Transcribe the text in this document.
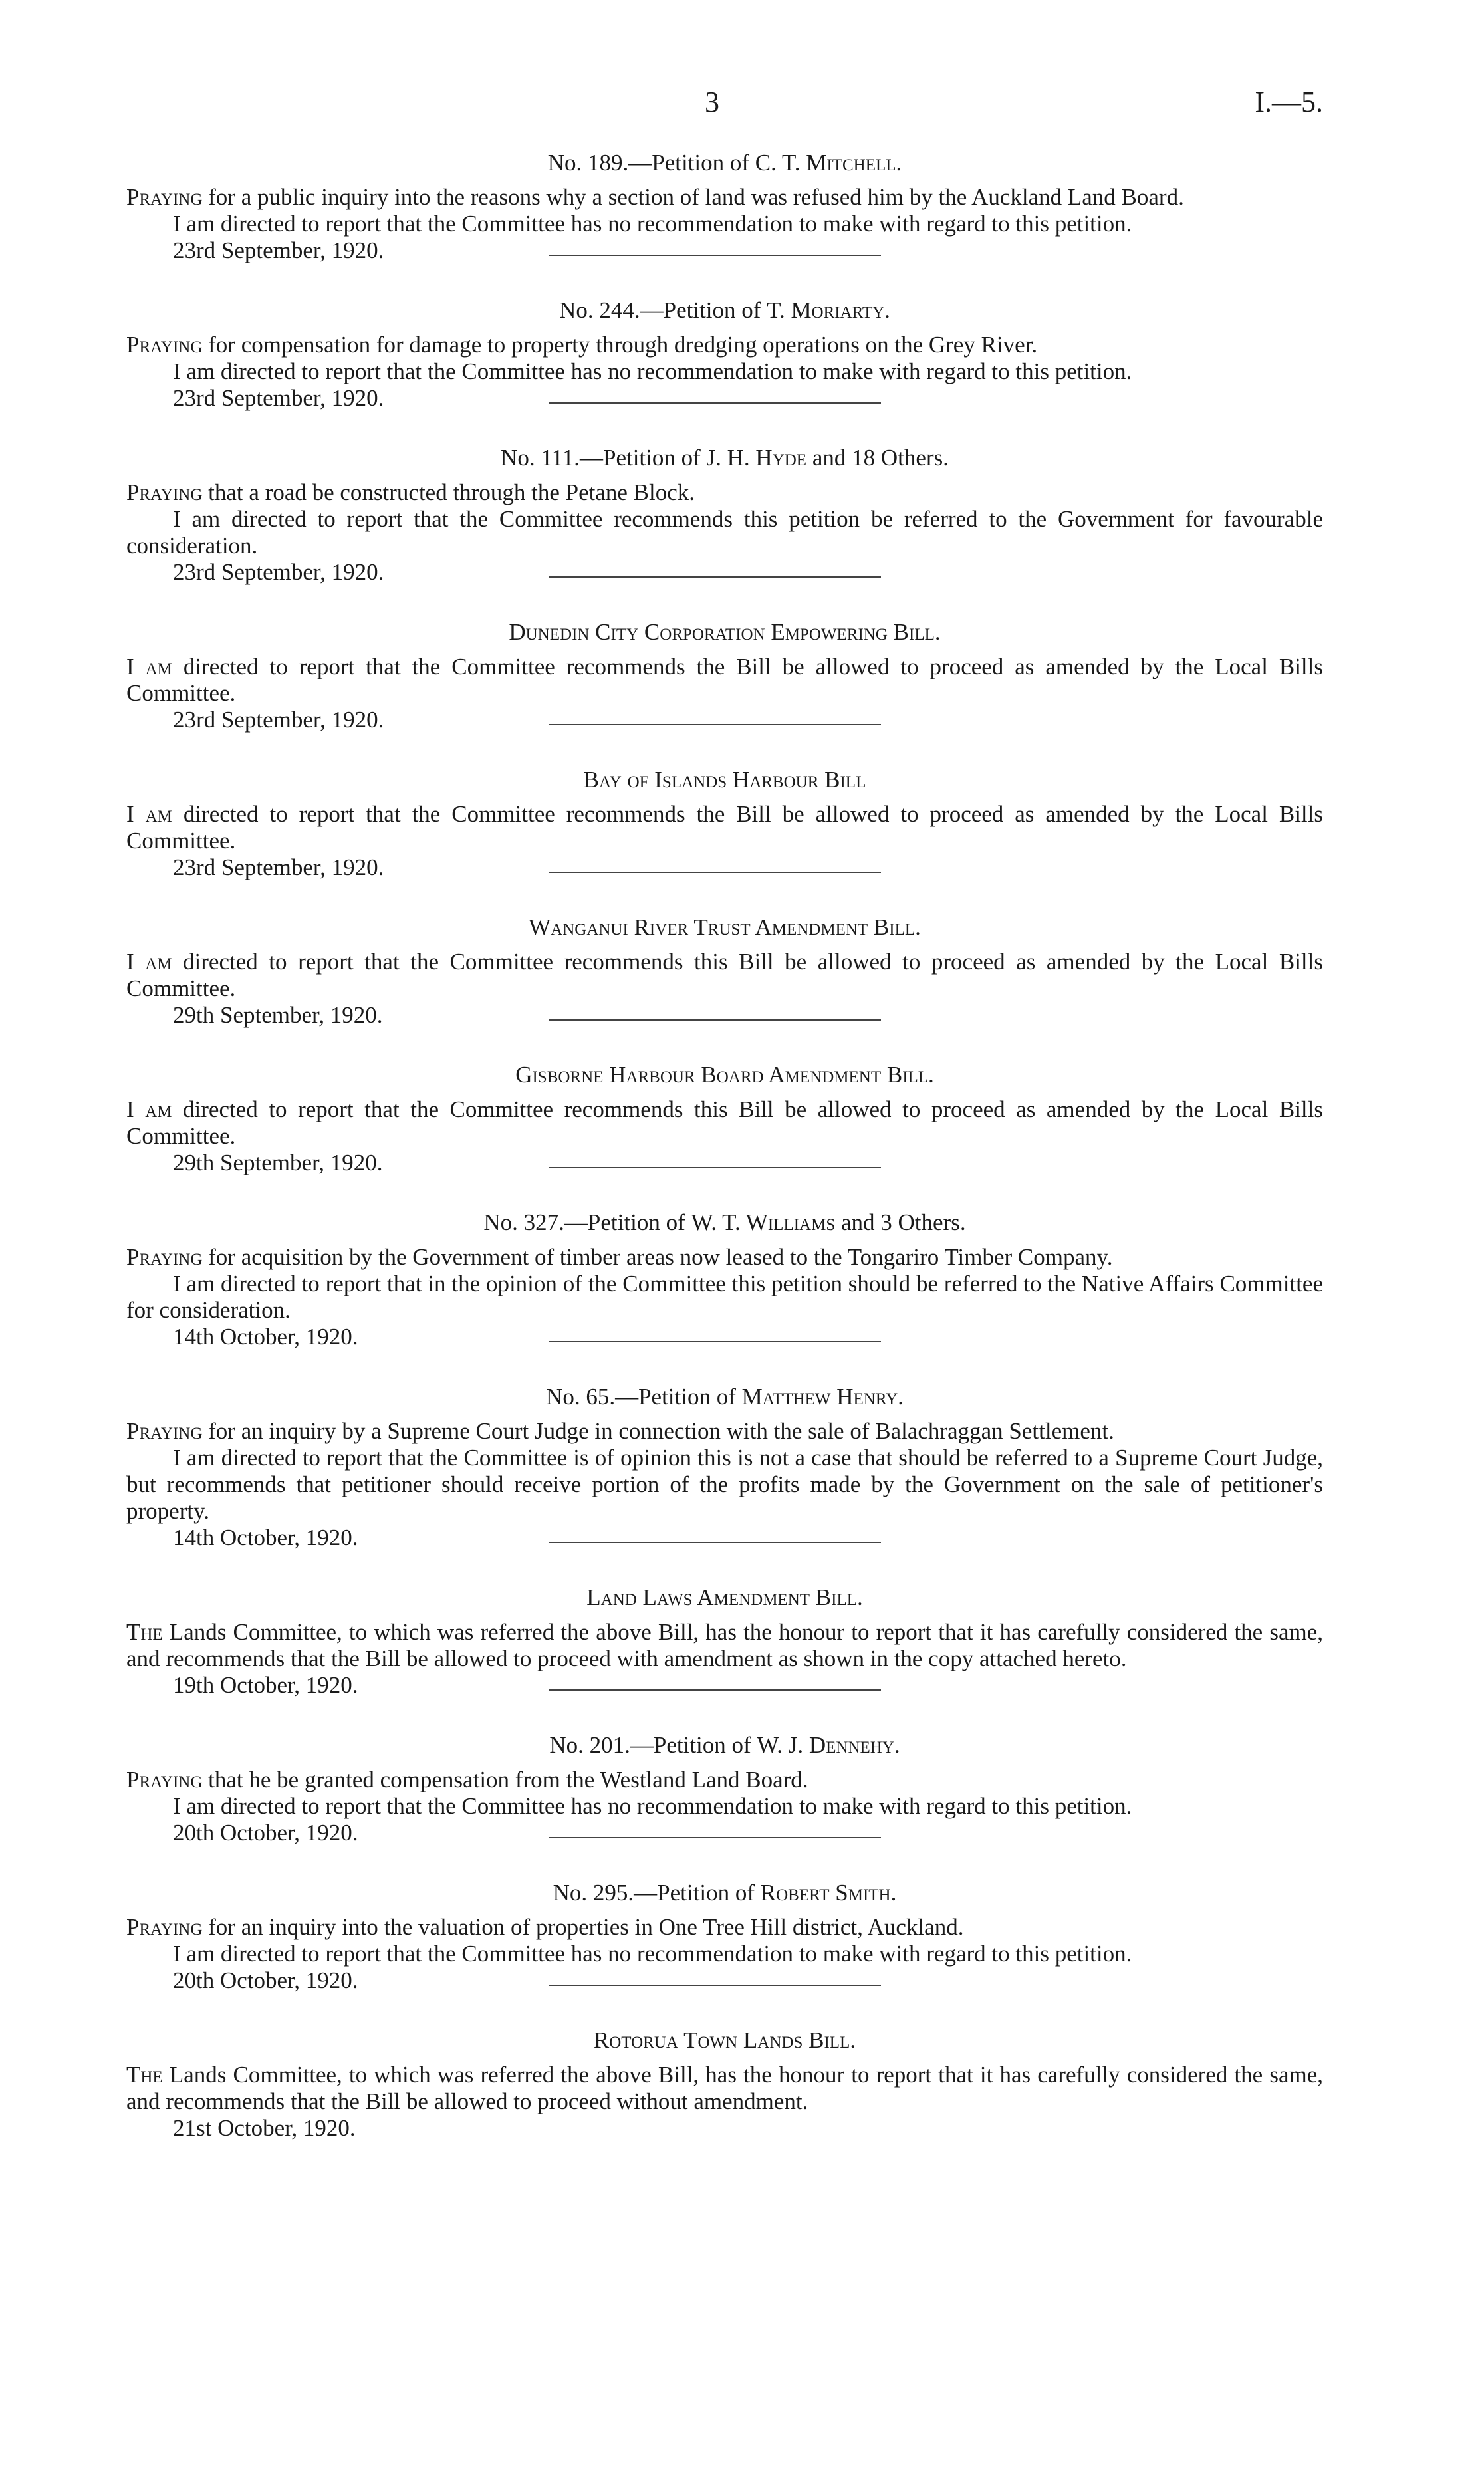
3	I.—5.
No. 189.—Petition of C. T. Mitchell.

Praying for a public inquiry into the reasons why a section of land was refused him by the Auckland Land Board.

I am directed to report that the Committee has no recommendation to make with regard to this petition.

23rd September, 1920.
No. 244.—Petition of T. Moriarty.

Praying for compensation for damage to property through dredging operations on the Grey River.

I am directed to report that the Committee has no recommendation to make with regard to this petition.

23rd September, 1920.
No. 111.—Petition of J. H. Hyde and 18 Others.

Praying that a road be constructed through the Petane Block.

I am directed to report that the Committee recommends this petition be referred to the Government for favourable consideration.

23rd September, 1920.
Dunedin City Corporation Empowering Bill.

I am directed to report that the Committee recommends the Bill be allowed to proceed as amended by the Local Bills Committee.

23rd September, 1920.
Bay of Islands Harbour Bill

I am directed to report that the Committee recommends the Bill be allowed to proceed as amended by the Local Bills Committee.

23rd September, 1920.
Wanganui River Trust Amendment Bill.

I am directed to report that the Committee recommends this Bill be allowed to proceed as amended by the Local Bills Committee.

29th September, 1920.
Gisborne Harbour Board Amendment Bill.

I am directed to report that the Committee recommends this Bill be allowed to proceed as amended by the Local Bills Committee.

29th September, 1920.
No. 327.—Petition of W. T. Williams and 3 Others.

Praying for acquisition by the Government of timber areas now leased to the Tongariro Timber Company.

I am directed to report that in the opinion of the Committee this petition should be referred to the Native Affairs Committee for consideration.

14th October, 1920.
No. 65.—Petition of Matthew Henry.

Praying for an inquiry by a Supreme Court Judge in connection with the sale of Balachraggan Settlement.

I am directed to report that the Committee is of opinion this is not a case that should be referred to a Supreme Court Judge, but recommends that petitioner should receive portion of the profits made by the Government on the sale of petitioner's property.

14th October, 1920.
Land Laws Amendment Bill.

The Lands Committee, to which was referred the above Bill, has the honour to report that it has carefully considered the same, and recommends that the Bill be allowed to proceed with amendment as shown in the copy attached hereto.

19th October, 1920.
No. 201.—Petition of W. J. Dennehy.

Praying that he be granted compensation from the Westland Land Board.

I am directed to report that the Committee has no recommendation to make with regard to this petition.

20th October, 1920.
No. 295.—Petition of Robert Smith.

Praying for an inquiry into the valuation of properties in One Tree Hill district, Auckland.

I am directed to report that the Committee has no recommendation to make with regard to this petition.

20th October, 1920.
Rotorua Town Lands Bill.

The Lands Committee, to which was referred the above Bill, has the honour to report that it has carefully considered the same, and recommends that the Bill be allowed to proceed without amendment.

21st October, 1920.
